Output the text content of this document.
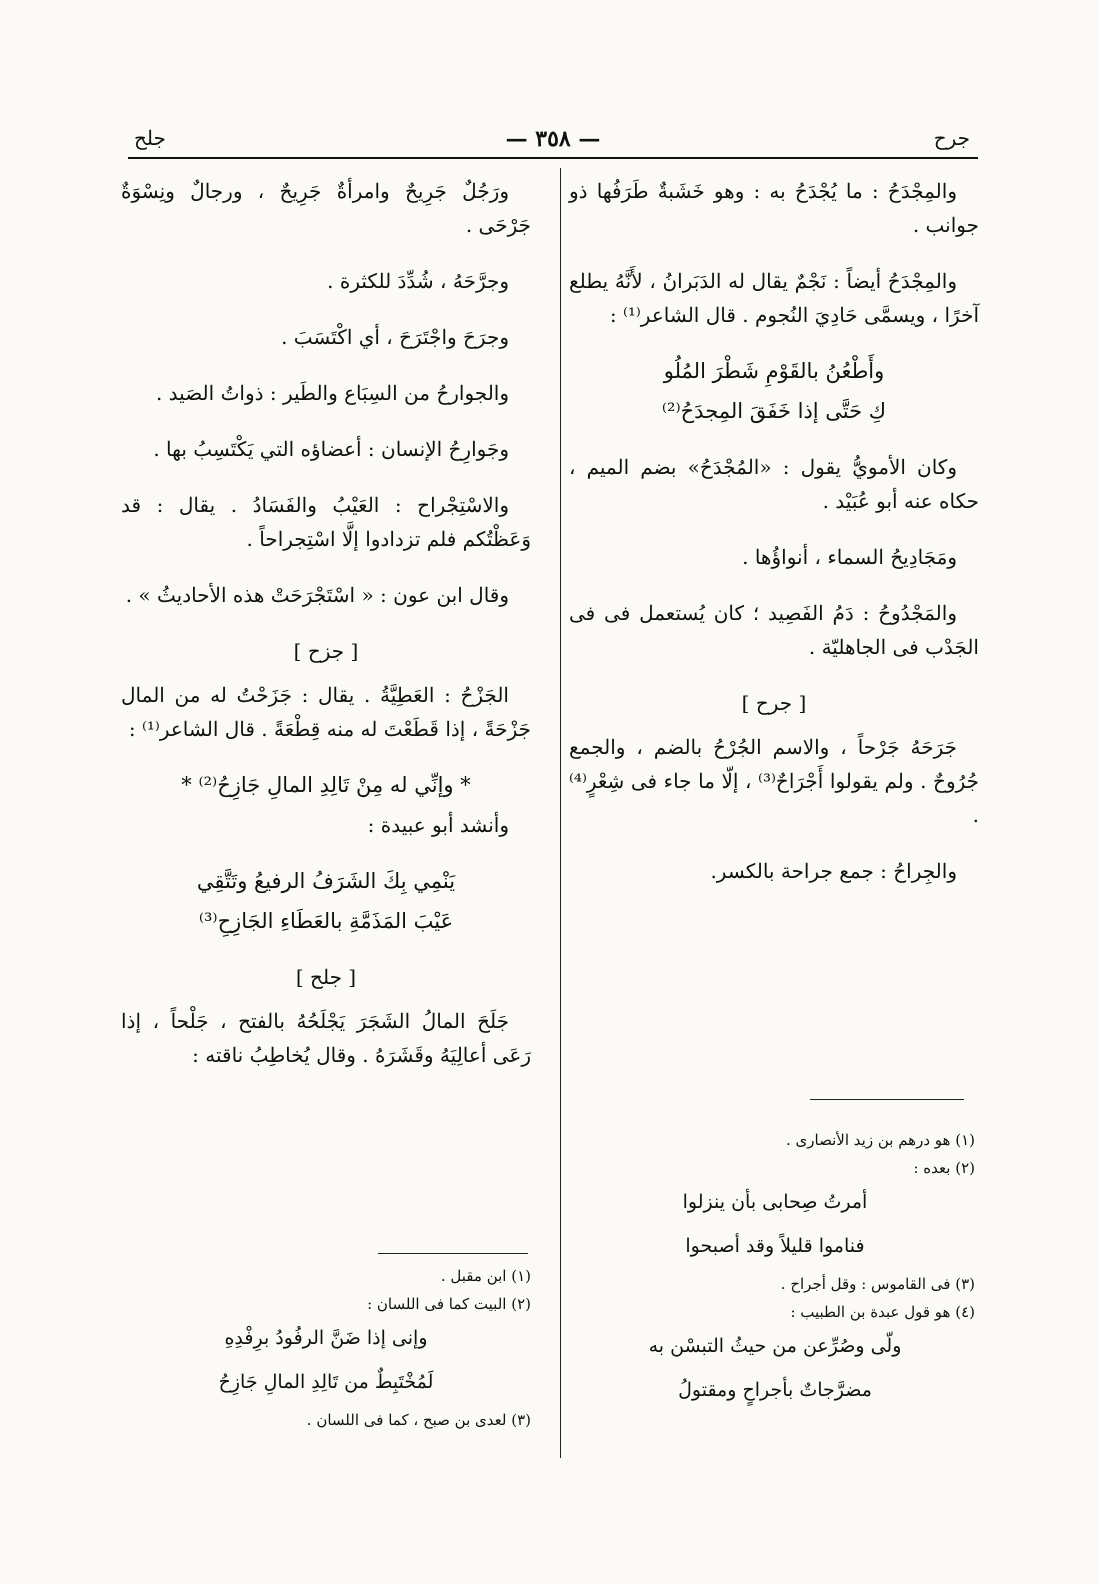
جرح
— ٣٥٨ —
جلح

والمِجْدَحُ : ما يُجْدَحُ به : وهو خَشَبةٌ طَرَفُها ذو جوانب .

والمِجْدَحُ أيضاً : نَجْمٌ يقال له الدَبَرانُ ، لأَنَّهُ يطلع آخرًا ، ويسمَّى حَادِيَ النُجوم . قال الشاعر⁽¹⁾ :

وأَطْعُنُ بالقَوْمِ شَطْرَ المُلُو

كِ حَتَّى إذا خَفَقَ المِجدَحُ⁽²⁾

وكان الأمويُّ يقول : «المُجْدَحُ» بضم الميم ، حكاه عنه أبو عُبَيْد .

ومَجَادِيحُ السماء ، أنواؤُها .

والمَجْدُوحُ : دَمُ الفَصِيد ؛ كان يُستعمل فى فى الجَدْب فى الجاهليّة .

[ جرح ]

جَرَحَهُ جَرْحاً ، والاسم الجُرْحُ بالضم ، والجمع جُرُوحٌ . ولم يقولوا أَجْرَاحٌ⁽³⁾ ، إلّا ما جاء فى شِعْرٍ⁽⁴⁾ .

والجِراحُ : جمع جراحة بالكسر.

ورَجُلٌ جَرِيحٌ وامرأةٌ جَرِيحٌ ، ورجالٌ ونِسْوَةٌ جَرْحَى .

وجرَّحَهُ ، شُدِّدَ للكثرة .

وجرَحَ واجْتَرَحَ ، أي اكْتَسَبَ .

والجوارحُ من السِبَاع والطَير : ذواتُ الصَيد .

وجَوارِحُ الإنسان : أعضاؤه التي يَكْتَسِبُ بها .

والاسْتِجْراح : العَيْبُ والفَسَادُ . يقال : قد وَعَظْتُكم فلم تزدادوا إلَّا اسْتِجراحاً .

وقال ابن عون : « اسْتَجْرَحَتْ هذه الأحاديثُ » .

[ جزح ]

الجَزْحُ : العَطِيَّةُ . يقال : جَزَحْتُ له من المال جَزْحَةً ، إذا قَطَعْتَ له منه قِطْعَةً . قال الشاعر⁽¹⁾ :

* وإنِّي له مِنْ تَالِدِ المالِ جَازِحُ⁽²⁾ *

وأنشد أبو عبيدة :

يَنْمِي بِكَ الشَرَفُ الرفيعُ وتَتَّقِي

عَيْبَ المَذَمَّةِ بالعَطَاءِ الجَازِحِ⁽³⁾

[ جلح ]

جَلَحَ المالُ الشَجَرَ يَجْلَحُهُ بالفتح ، جَلْحاً ، إذا رَعَى أعالِيَهُ وقَشَرَهُ . وقال يُخاطِبُ ناقته :

(١) هو درهم بن زيد الأنصارى .

(٢) بعده :

أمرتُ صِحابى بأن ينزلوا

فناموا قليلاً وقد أصبحوا

(٣) فى القاموس : وقل أجراح .

(٤) هو قول عبدة بن الطبيب :

ولّى وصُرِّعن من حيثُ التبسْن به

مضرَّجاتٌ بأجراحٍ ومقتولُ

(١) ابن مقبل .

(٢) البيت كما فى اللسان :

وإنى إذا ضَنَّ الرفُودُ برِفْدِهِ

لَمُخْتَبِطٌ من تَالِدِ المالِ جَازِحُ

(٣) لعدى بن صبح ، كما فى اللسان .
